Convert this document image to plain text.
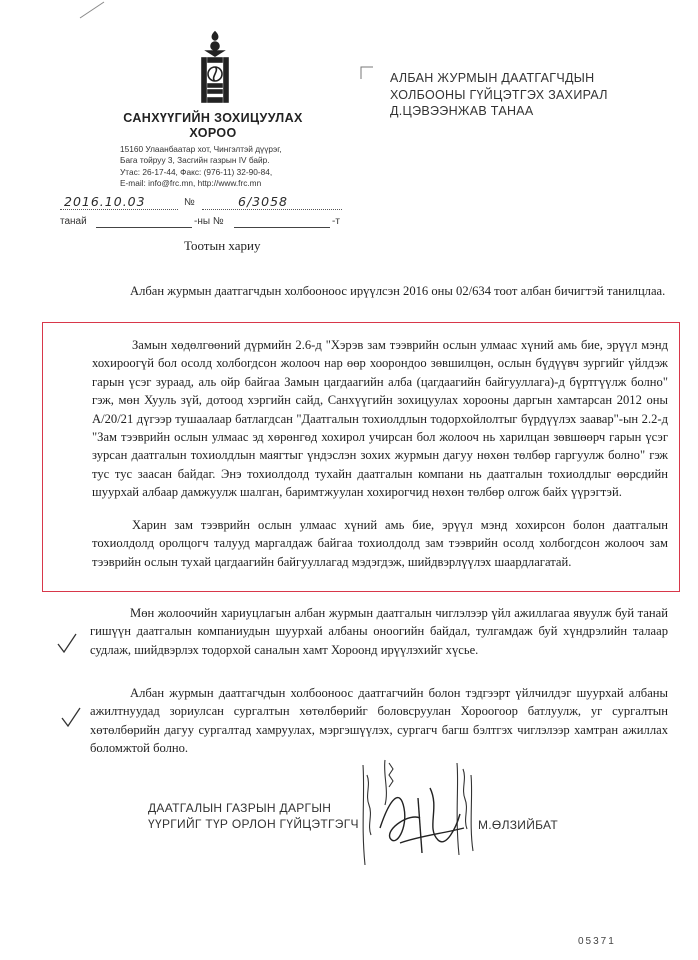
САНХҮҮГИЙН ЗОХИЦУУЛАХ
ХОРОО
15160 Улаанбаатар хот, Чингэлтэй дүүрэг,
Бага тойруу 3, Засгийн газрын IV байр.
Утас: 26-17-44, Факс: (976-11) 32-90-84,
E-mail: info@frc.mn, http://www.frc.mn
2016.10.03	№	6/3058
танай	-ны №	-т
Тоотын хариу
АЛБАН ЖУРМЫН ДААТГАГЧДЫН
ХОЛБООНЫ ГҮЙЦЭТГЭХ ЗАХИРАЛ
Д.ЦЭВЭЭНЖАВ ТАНАА
Албан журмын даатгагчдын холбооноос ирүүлсэн 2016 оны 02/634 тоот албан бичигтэй танилцлаа.
Замын хөдөлгөөний дүрмийн 2.6-д "Хэрэв зам тээврийн ослын улмаас хүний амь бие, эрүүл мэнд хохироогүй бол осолд холбогдсон жолооч нар өөр хоорондоо зөвшилцөн, ослын бүдүүвч зургийг үйлдэж гарын үсэг зураад, аль ойр байгаа Замын цагдаагийн алба (цагдаагийн байгууллага)-д бүртгүүлж болно" гэж, мөн Хууль зүй, дотоод хэргийн сайд, Санхүүгийн зохицуулах хорооны даргын хамтарсан 2012 оны А/20/21 дүгээр тушаалаар батлагдсан "Даатгалын тохиолдлын тодорхойлолтыг бүрдүүлэх заавар"-ын 2.2-д "Зам тээврийн ослын улмаас эд хөрөнгөд хохирол учирсан бол жолооч нь харилцан зөвшөөрч гарын үсэг зурсан даатгалын тохиолдлын маягтыг үндэслэн зохих журмын дагуу нөхөн төлбөр гаргуулж болно" гэж тус тус заасан байдаг. Энэ тохиолдолд тухайн даатгалын компани нь даатгалын тохиолдлыг өөрсдийн шуурхай албаар дамжуулж шалган, баримтжуулан хохирогчид нөхөн төлбөр олгож байх үүрэгтэй.
Харин зам тээврийн ослын улмаас хүний амь бие, эрүүл мэнд хохирсон болон даатгалын тохиолдолд оролцогч талууд маргалдаж байгаа тохиолдолд зам тээврийн осолд холбогдсон жолооч зам тээврийн ослын тухай цагдаагийн байгууллагад мэдэгдэж, шийдвэрлүүлэх шаардлагатай.
Мөн жолоочийн хариуцлагын албан журмын даатгалын чиглэлээр үйл ажиллагаа явуулж буй танай гишүүн даатгалын компаниудын шуурхай албаны оноогийн байдал, тулгамдаж буй хүндрэлийн талаар судлаж, шийдвэрлэх тодорхой саналын хамт Хороонд ирүүлэхийг хүсье.
Албан журмын даатгагчдын холбооноос даатгагчийн болон тэдгээрт үйлчилдэг шуурхай албаны ажилтнуудад зориулсан сургалтын хөтөлбөрийг боловсруулан Хороогоор батлуулж, уг сургалтын хөтөлбөрийн дагуу сургалтад хамруулах, мэргэшүүлэх, сургагч багш бэлтгэх чиглэлээр хамтран ажиллах боломжтой болно.
ДААТГАЛЫН ГАЗРЫН ДАРГЫН
ҮҮРГИЙГ ТҮР ОРЛОН ГҮЙЦЭТГЭГЧ	М.ӨЛЗИЙБАТ
05371
